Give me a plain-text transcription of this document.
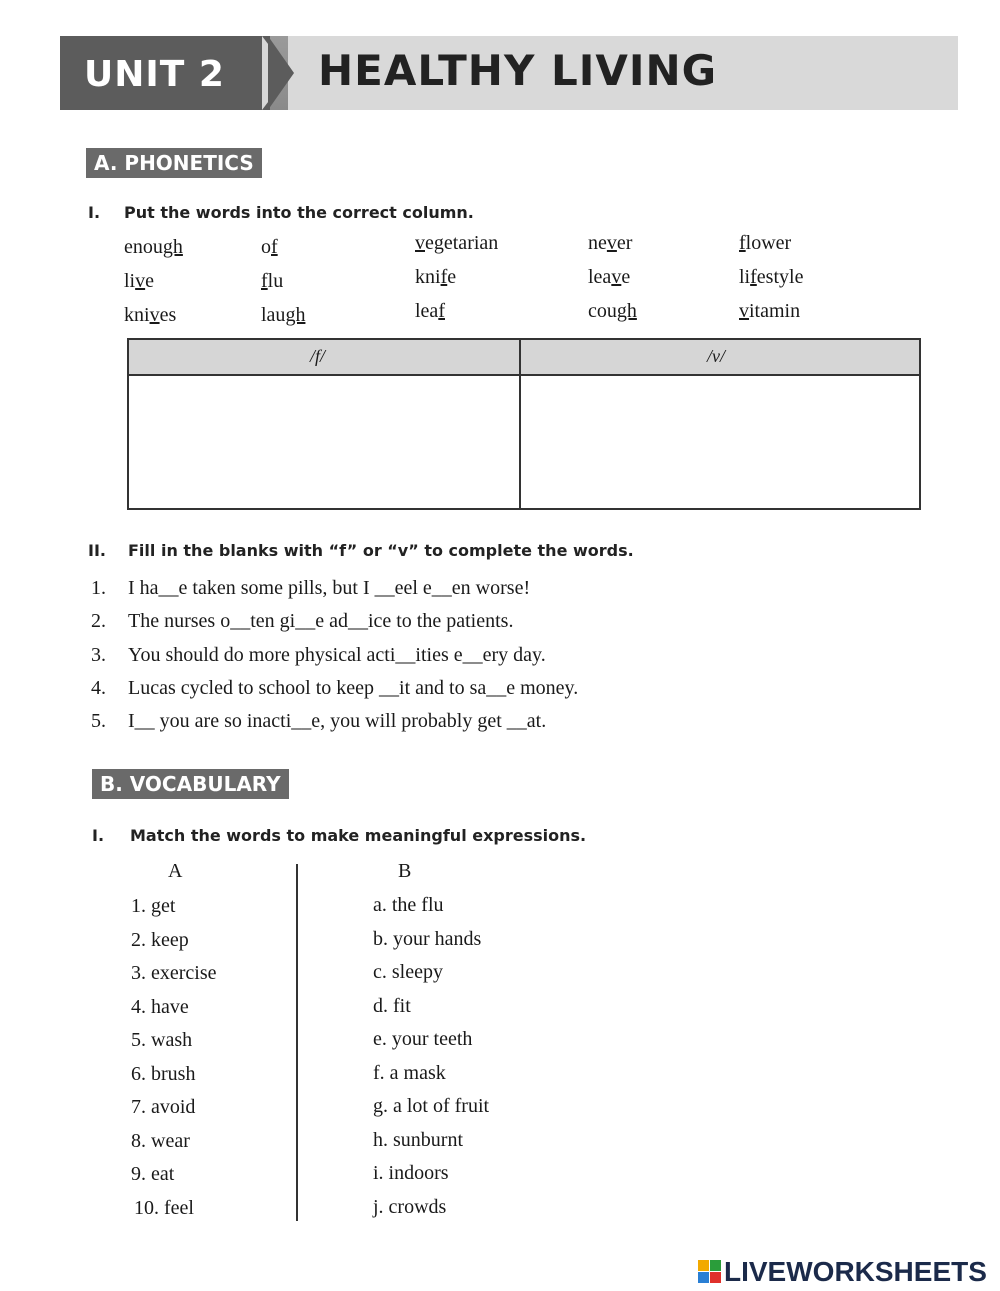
UNIT 2 HEALTHY LIVING
A. PHONETICS
I. Put the words into the correct column.
enough	of	vegetarian	never	flower
live	flu	knife	leave	lifestyle
knives	laugh	leaf	cough	vitamin
/f/	/v/
II. Fill in the blanks with “f” or “v” to complete the words.
1. I ha__e taken some pills, but I __eel e__en worse!
2. The nurses o__ten gi__e ad__ice to the patients.
3. You should do more physical acti__ities e__ery day.
4. Lucas cycled to school to keep __it and to sa__e money.
5. I__ you are so inacti__e, you will probably get __at.
B. VOCABULARY
I. Match the words to make meaningful expressions.
A	B
1. get	a. the flu
2. keep	b. your hands
3. exercise	c. sleepy
4. have	d. fit
5. wash	e. your teeth
6. brush	f. a mask
7. avoid	g. a lot of fruit
8. wear	h. sunburnt
9. eat	i. indoors
10. feel	j. crowds
LIVEWORKSHEETS
